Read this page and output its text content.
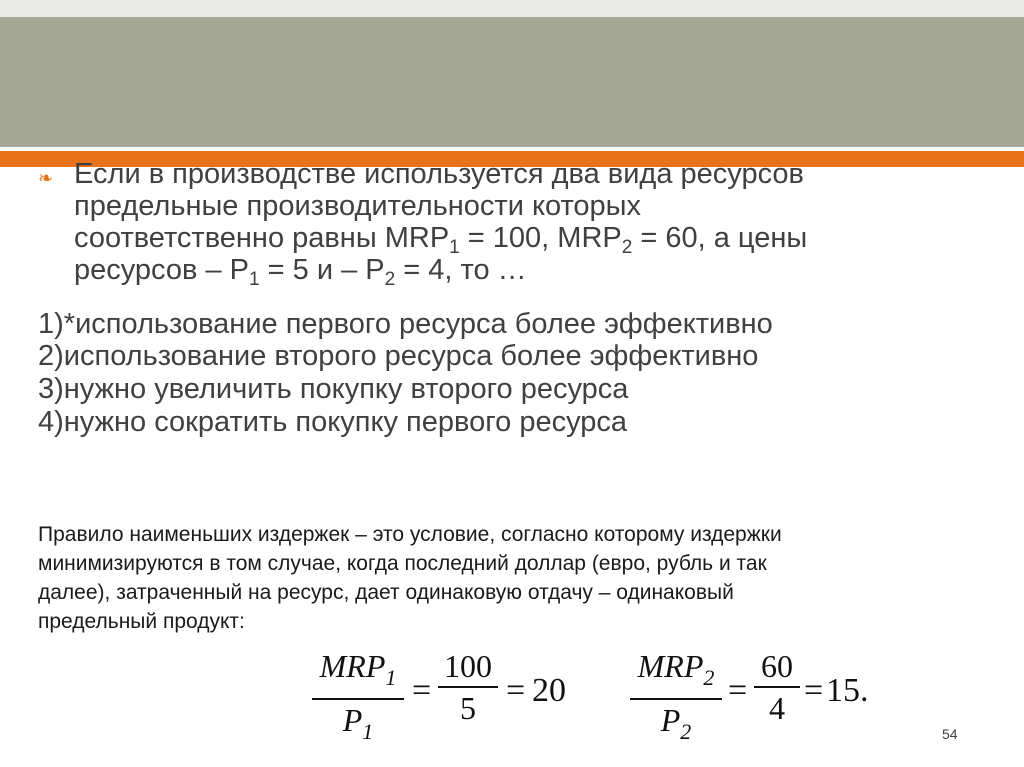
❧ Если в производстве используется два вида ресурсов
предельные производительности которых
соответственно равны $MRP_1 = 100$, $MRP_2 = 60$, а цены
ресурсов – $P_1 = 5$ $и - P_2 = 4$, то …
1)*использование первого ресурса более эффективно
2)использование второго ресурса более эффективно
3)нужно увеличить покупку второго ресурса
4)нужно сократить покупку первого ресурса
Правило наименьших издержек – это условие, согласно которому издержки
минимизируются в том случае, когда последний доллар (евро, рубль и так
далее), затраченный на ресурс, дает одинаковую отдачу – одинаковый
предельный продукт:
$MRP_1$
$P_1$
=
100
5 = 20
$MRP_2$
$P_2$
=
60
4 = 15.
54
